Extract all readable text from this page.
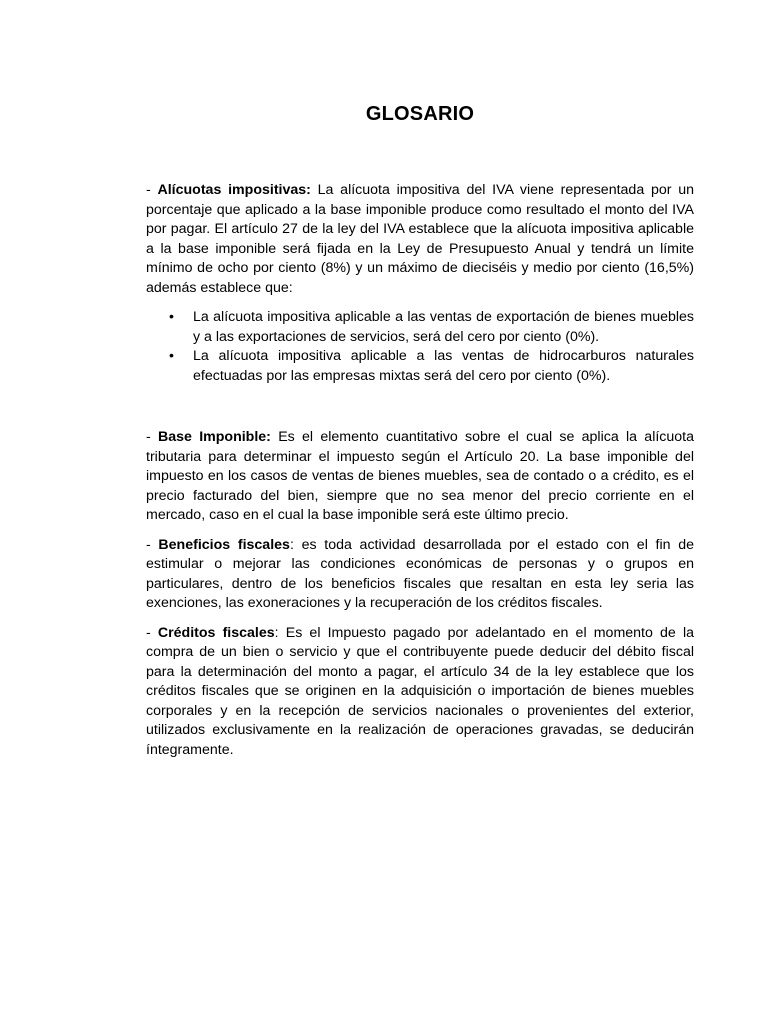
GLOSARIO

- Alícuotas impositivas: La alícuota impositiva del IVA viene representada por un porcentaje que aplicado a la base imponible produce como resultado el monto del IVA por pagar. El artículo 27 de la ley del IVA establece que la alícuota impositiva aplicable a la base imponible será fijada en la Ley de Presupuesto Anual y tendrá un límite mínimo de ocho por ciento (8%) y un máximo de dieciséis y medio por ciento (16,5%) además establece que:

• La alícuota impositiva aplicable a las ventas de exportación de bienes muebles y a las exportaciones de servicios, será del cero por ciento (0%).
• La alícuota impositiva aplicable a las ventas de hidrocarburos naturales efectuadas por las empresas mixtas será del cero por ciento (0%).

- Base Imponible: Es el elemento cuantitativo sobre el cual se aplica la alícuota tributaria para determinar el impuesto según el Artículo 20. La base imponible del impuesto en los casos de ventas de bienes muebles, sea de contado o a crédito, es el precio facturado del bien, siempre que no sea menor del precio corriente en el mercado, caso en el cual la base imponible será este último precio.

- Beneficios fiscales: es toda actividad desarrollada por el estado con el fin de estimular o mejorar las condiciones económicas de personas y o grupos en particulares, dentro de los beneficios fiscales que resaltan en esta ley seria las exenciones, las exoneraciones y la recuperación de los créditos fiscales.

- Créditos fiscales: Es el Impuesto pagado por adelantado en el momento de la compra de un bien o servicio y que el contribuyente puede deducir del débito fiscal para la determinación del monto a pagar, el artículo 34 de la ley establece que los créditos fiscales que se originen en la adquisición o importación de bienes muebles corporales y en la recepción de servicios nacionales o provenientes del exterior, utilizados exclusivamente en la realización de operaciones gravadas, se deducirán íntegramente.
